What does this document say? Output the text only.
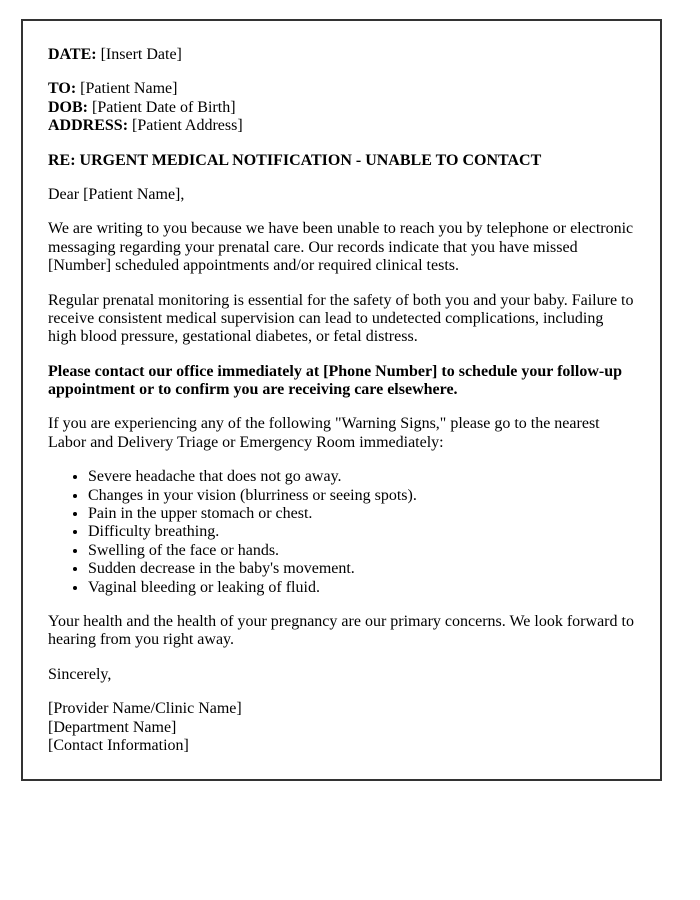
DATE: [Insert Date]

TO: [Patient Name]
DOB: [Patient Date of Birth]
ADDRESS: [Patient Address]

RE: URGENT MEDICAL NOTIFICATION - UNABLE TO CONTACT

Dear [Patient Name],

We are writing to you because we have been unable to reach you by telephone or electronic messaging regarding your prenatal care. Our records indicate that you have missed [Number] scheduled appointments and/or required clinical tests.

Regular prenatal monitoring is essential for the safety of both you and your baby. Failure to receive consistent medical supervision can lead to undetected complications, including high blood pressure, gestational diabetes, or fetal distress.

Please contact our office immediately at [Phone Number] to schedule your follow-up appointment or to confirm you are receiving care elsewhere.

If you are experiencing any of the following "Warning Signs," please go to the nearest Labor and Delivery Triage or Emergency Room immediately:

• Severe headache that does not go away.
• Changes in your vision (blurriness or seeing spots).
• Pain in the upper stomach or chest.
• Difficulty breathing.
• Swelling of the face or hands.
• Sudden decrease in the baby's movement.
• Vaginal bleeding or leaking of fluid.

Your health and the health of your pregnancy are our primary concerns. We look forward to hearing from you right away.

Sincerely,

[Provider Name/Clinic Name]
[Department Name]
[Contact Information]
